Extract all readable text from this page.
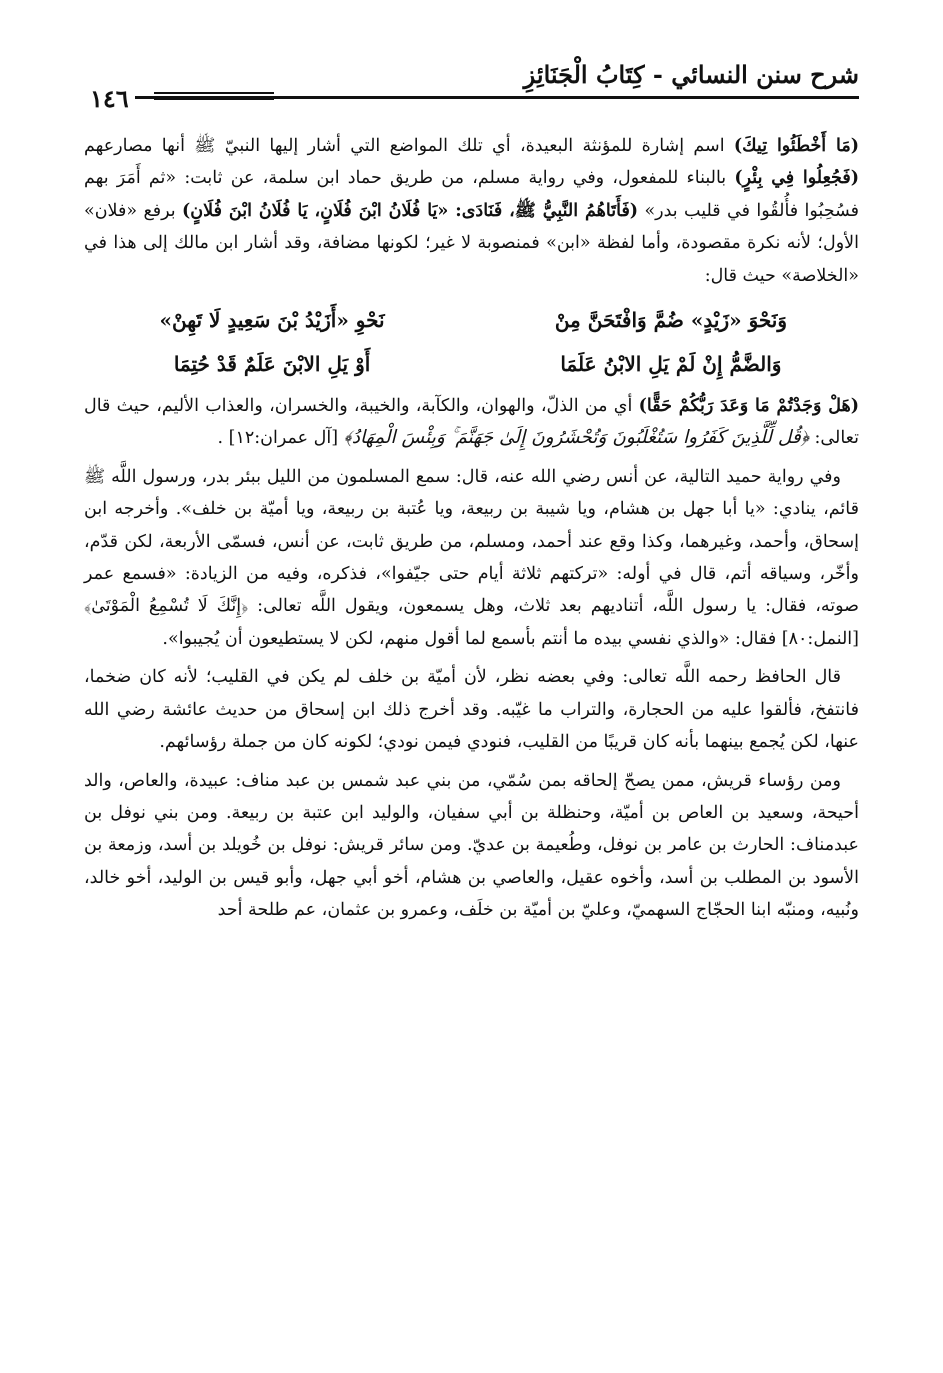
شرح سنن النسائي - كِتَابُ الْجَنَائِزِ
١٤٦

(مَا أَخْطَئُوا تِيكَ) اسم إشارة للمؤنثة البعيدة، أي تلك المواضع التي أشار إليها النبيّ ﷺ أنها مصارعهم (فَجُعِلُوا فِي بِئْرٍ) بالبناء للمفعول، وفي رواية مسلم، من طريق حماد ابن سلمة، عن ثابت: «ثم أَمَرَ بهم فسُحِبُوا فأُلقُوا في قليب بدر» (فَأَتَاهُمُ النَّبِيُّ ﷺ، فَنَادَى: «يَا فُلَانُ ابْنَ فُلَانٍ، يَا فُلَانُ ابْنَ فُلَانٍ) برفع «فلان» الأول؛ لأنه نكرة مقصودة، وأما لفظة «ابن» فمنصوبة لا غير؛ لكونها مضافة، وقد أشار ابن مالك إلى هذا في «الخلاصة» حيث قال:

وَنَحْوَ «زَيْدٍ» ضُمَّ وَافْتَحَنَّ مِنْ
نَحْوِ «أَزَيْدُ بْنَ سَعِيدٍ لَا تَهِنْ»
وَالضَّمُّ إِنْ لَمْ يَلِ الابْنُ عَلَمَا
أَوْ يَلِ الابْنَ عَلَمٌ قَدْ حُتِمَا

(هَلْ وَجَدْتُمْ مَا وَعَدَ رَبُّكُمْ حَقًّا) أي من الذلّ، والهوان، والكآبة، والخيبة، والخسران، والعذاب الأليم، حيث قال تعالى: ﴿قُل لِّلَّذِينَ كَفَرُوا سَتُغْلَبُونَ وَتُحْشَرُونَ إِلَىٰ جَهَنَّمَ ۚ وَبِئْسَ الْمِهَادُ﴾ [آل عمران:١٢] .

وفي رواية حميد التالية، عن أنس رضي الله عنه، قال: سمع المسلمون من الليل ببئر بدر، ورسول اللَّه ﷺ قائم، ينادي: «يا أبا جهل بن هشام، ويا شيبة بن ربيعة، ويا عُتبة بن ربيعة، ويا أميّة بن خلف». وأخرجه ابن إسحاق، وأحمد، وغيرهما، وكذا وقع عند أحمد، ومسلم، من طريق ثابت، عن أنس، فسمّى الأربعة، لكن قدّم، وأخّر، وسياقه أتم، قال في أوله: «تركتهم ثلاثة أيام حتى جيّفوا»، فذكره، وفيه من الزيادة: «فسمع عمر صوته، فقال: يا رسول اللَّه، أتناديهم بعد ثلاث، وهل يسمعون، ويقول اللَّه تعالى: ﴿إِنَّكَ لَا تُسْمِعُ الْمَوْتَىٰ﴾ [النمل:٨٠] فقال: «والذي نفسي بيده ما أنتم بأسمع لما أقول منهم، لكن لا يستطيعون أن يُجيبوا».

قال الحافظ رحمه اللَّه تعالى: وفي بعضه نظر، لأن أميّة بن خلف لم يكن في القليب؛ لأنه كان ضخما، فانتفخ، فألقوا عليه من الحجارة، والتراب ما غيّبه. وقد أخرج ذلك ابن إسحاق من حديث عائشة رضي الله عنها، لكن يُجمع بينهما بأنه كان قريبًا من القليب، فنودي فيمن نودي؛ لكونه كان من جملة رؤسائهم.

ومن رؤساء قريش، ممن يصحّ إلحاقه بمن سُمّي، من بني عبد شمس بن عبد مناف: عبيدة، والعاص، والد أحيحة، وسعيد بن العاص بن أميّة، وحنظلة بن أبي سفيان، والوليد ابن عتبة بن ربيعة. ومن بني نوفل بن عبدمناف: الحارث بن عامر بن نوفل، وطُعيمة بن عديّ. ومن سائر قريش: نوفل بن خُويلد بن أسد، وزمعة بن الأسود بن المطلب بن أسد، وأخوه عقيل، والعاصي بن هشام، أخو أبي جهل، وأبو قيس بن الوليد، أخو خالد، ونُبيه، ومنبّه ابنا الحجّاج السهميّ، وعليّ بن أميّة بن خلَف، وعمرو بن عثمان، عم طلحة أحد
